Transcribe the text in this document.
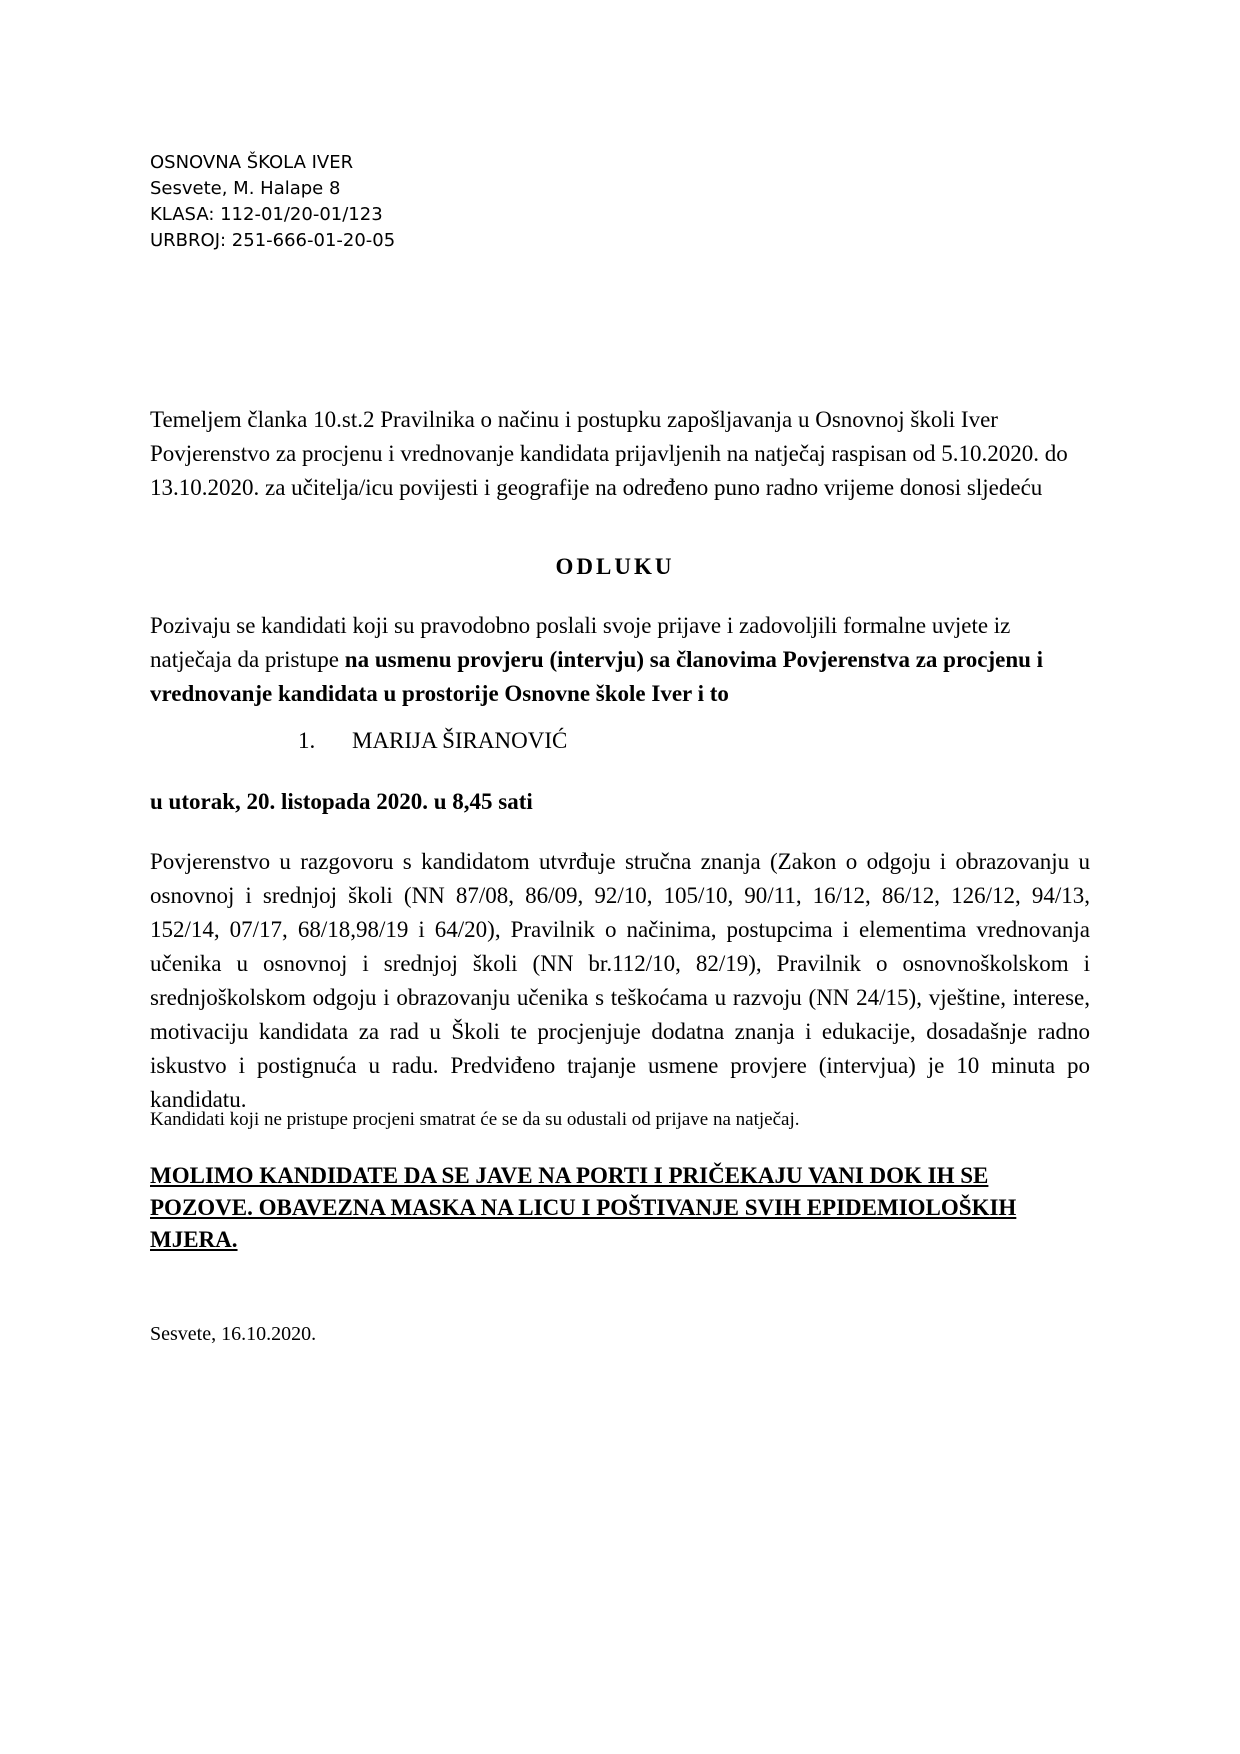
OSNOVNA ŠKOLA IVER
Sesvete, M. Halape 8
KLASA: 112-01/20-01/123
URBROJ: 251-666-01-20-05

Temeljem članka 10.st.2 Pravilnika o načinu i postupku zapošljavanja u Osnovnoj školi Iver Povjerenstvo za procjenu i vrednovanje kandidata prijavljenih na natječaj raspisan od 5.10.2020. do 13.10.2020. za učitelja/icu povijesti i geografije na određeno puno radno vrijeme donosi sljedeću

ODLUKU

Pozivaju se kandidati koji su pravodobno poslali svoje prijave i zadovoljili formalne uvjete iz natječaja da pristupe na usmenu provjeru (intervju) sa članovima Povjerenstva za procjenu i vrednovanje kandidata u prostorije Osnovne škole Iver i to

1. MARIJA ŠIRANOVIĆ

u utorak, 20. listopada 2020. u 8,45 sati

Povjerenstvo u razgovoru s kandidatom utvrđuje stručna znanja (Zakon o odgoju i obrazovanju u osnovnoj i srednjoj školi (NN 87/08, 86/09, 92/10, 105/10, 90/11, 16/12, 86/12, 126/12, 94/13, 152/14, 07/17, 68/18,98/19 i 64/20), Pravilnik o načinima, postupcima i elementima vrednovanja učenika u osnovnoj i srednjoj školi (NN br.112/10, 82/19), Pravilnik o osnovnoškolskom i srednjoškolskom odgoju i obrazovanju učenika s teškoćama u razvoju (NN 24/15), vještine, interese, motivaciju kandidata za rad u Školi te procjenjuje dodatna znanja i edukacije, dosadašnje radno iskustvo i postignuća u radu. Predviđeno trajanje usmene provjere (intervjua) je 10 minuta po kandidatu.

Kandidati koji ne pristupe procjeni smatrat će se da su odustali od prijave na natječaj.

MOLIMO KANDIDATE DA SE JAVE NA PORTI I PRIČEKAJU VANI DOK IH SE POZOVE. OBAVEZNA MASKA NA LICU I POŠTIVANJE SVIH EPIDEMIOLOŠKIH MJERA.

Sesvete, 16.10.2020.
